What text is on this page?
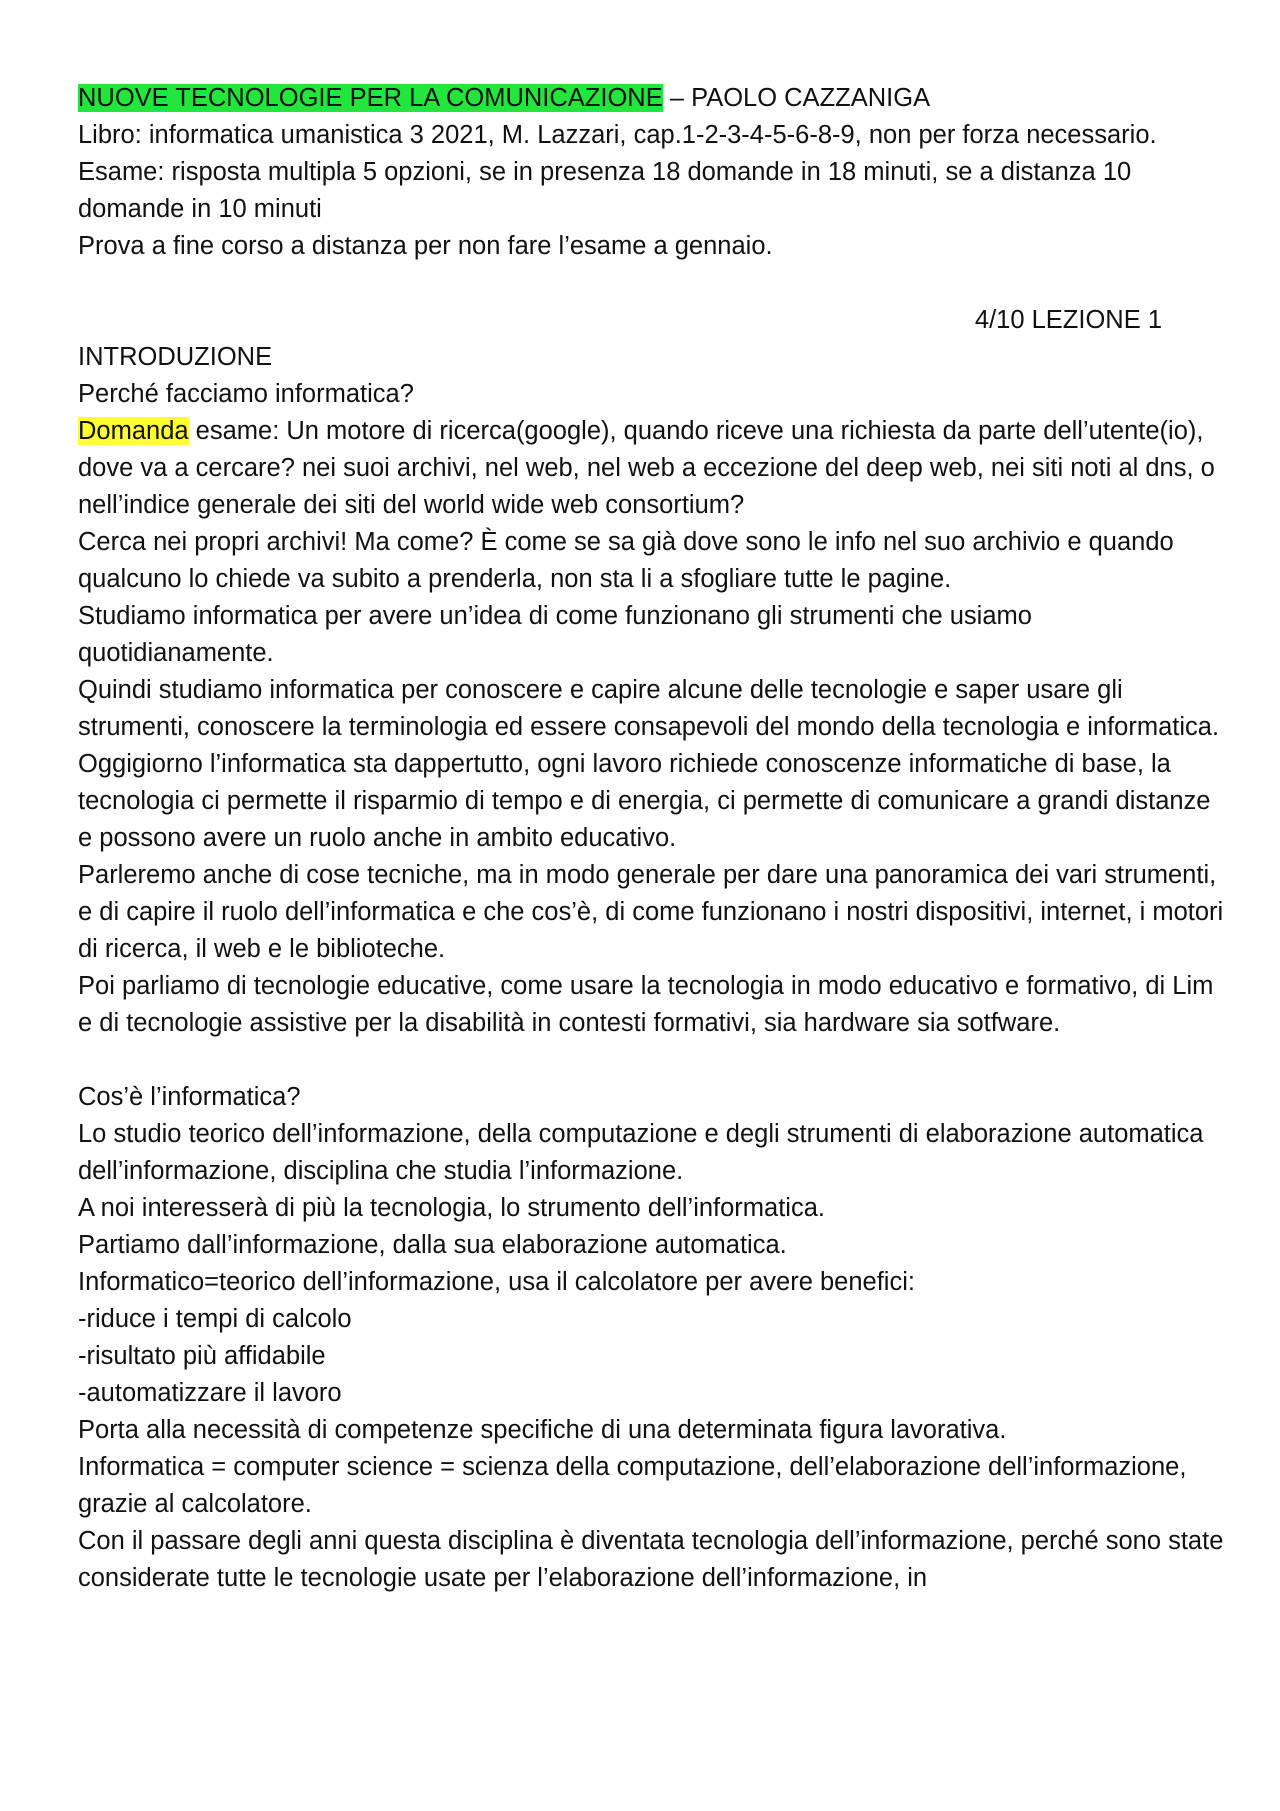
NUOVE TECNOLOGIE PER LA COMUNICAZIONE – PAOLO CAZZANIGA

Libro: informatica umanistica 3 2021, M. Lazzari, cap.1-2-3-4-5-6-8-9, non per forza necessario.

Esame: risposta multipla 5 opzioni, se in presenza 18 domande in 18 minuti, se a distanza 10 domande in 10 minuti

Prova a fine corso a distanza per non fare l’esame a gennaio.

4/10 LEZIONE 1

INTRODUZIONE

Perché facciamo informatica?

Domanda esame: Un motore di ricerca(google), quando riceve una richiesta da parte dell’utente(io), dove va a cercare? nei suoi archivi, nel web, nel web a eccezione del deep web, nei siti noti al dns, o nell’indice generale dei siti del world wide web consortium?

Cerca nei propri archivi! Ma come? È come se sa già dove sono le info nel suo archivio e quando qualcuno lo chiede va subito a prenderla, non sta li a sfogliare tutte le pagine.

Studiamo informatica per avere un’idea di come funzionano gli strumenti che usiamo quotidianamente.

Quindi studiamo informatica per conoscere e capire alcune delle tecnologie e saper usare gli strumenti, conoscere la terminologia ed essere consapevoli del mondo della tecnologia e informatica.

Oggigiorno l’informatica sta dappertutto, ogni lavoro richiede conoscenze informatiche di base, la tecnologia ci permette il risparmio di tempo e di energia, ci permette di comunicare a grandi distanze e possono avere un ruolo anche in ambito educativo.

Parleremo anche di cose tecniche, ma in modo generale per dare una panoramica dei vari strumenti, e di capire il ruolo dell’informatica e che cos’è, di come funzionano i nostri dispositivi, internet, i motori di ricerca, il web e le biblioteche.

Poi parliamo di tecnologie educative, come usare la tecnologia in modo educativo e formativo, di Lim e di tecnologie assistive per la disabilità in contesti formativi, sia hardware sia sotfware.

Cos’è l’informatica?

Lo studio teorico dell’informazione, della computazione e degli strumenti di elaborazione automatica dell’informazione, disciplina che studia l’informazione.

A noi interesserà di più la tecnologia, lo strumento dell’informatica.

Partiamo dall’informazione, dalla sua elaborazione automatica.

Informatico=teorico dell’informazione, usa il calcolatore per avere benefici:

-riduce i tempi di calcolo

-risultato più affidabile

-automatizzare il lavoro

Porta alla necessità di competenze specifiche di una determinata figura lavorativa.

Informatica = computer science = scienza della computazione, dell’elaborazione dell’informazione, grazie al calcolatore.

Con il passare degli anni questa disciplina è diventata tecnologia dell’informazione, perché sono state considerate tutte le tecnologie usate per l’elaborazione dell’informazione, in
